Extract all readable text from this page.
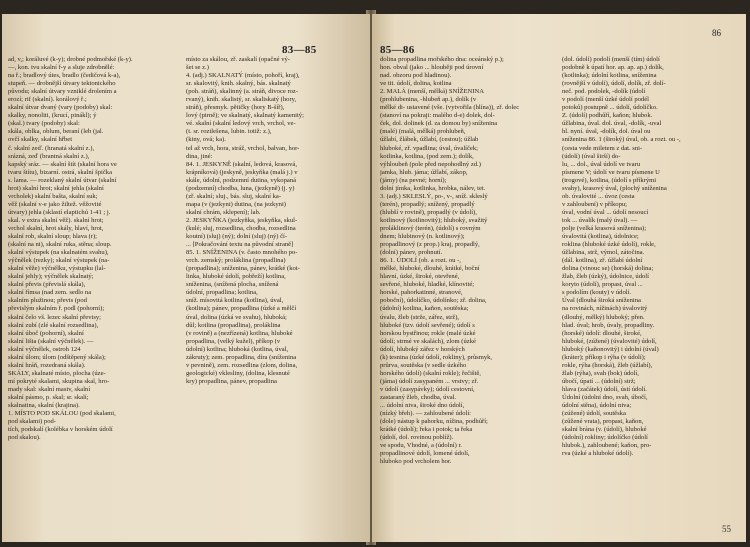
83—85

ad, v,; koráluvé (k-y); drobné podmořské (k-y).

—, kon. tvu skalní ř-y a sluje zdrobnělé:

na ř.; bradlový útes, bradlo (čedičová k-a),

stupeň. — drobnější útvary tektonického

původu; skalní útvary vzniklé drolením a

erozí; rif (skalní). korálový ř.;

skalní útvar dvaný (vary (podoby) skal:

skalky, nonoliti, (krucí, pinákl); ý

(skal.) tvary (podoby) skal:

skála, oblka, oblum, beraní (leb (jal.

ovčí skalky, skalní hřbet

č. skalní zeď. (hranatá skalní z.),

srázná, zeď (brantná skalní z.),

kapský sráz. — skalní štít (skalní hora ve

tvaru štítu), bizarní. ostrá, skalní špička

s. lama. — rozeklaný skalní útvar (skalní

hrot) skalní hrot; skalní jehla (skalní

vrcholek) skalní bašta, skalní suk;

věž (skalní v-e jako žiltež. věžovité

útvary) jehla (sklastí elaptichú 1-41 ; j.

skal. v extra skalní věž). skalní hrot;

vrchol skalní, hrot skály, hlaví, hrot,

skalní rob, skalní sloup; hlava (r);

(skalní na ni), skalní ruka, stěna; sloup.

skalní výstupek (na skalnatém svahu),

výčnělek (rezky); skalní výstupek (na-

skalní věže) výčnělku, výstupku (lal-

skalní jehly); výčnělek skalnatý;

skalní převis (převislá skála),

skalní římsa (nad zem. sedlo na

skalním plužinou; převis (pod

převislým skalním ř. podl (pohorní);

skalní čelo vš. lezec skalní převisy;

skalní zubí (zlé skalní rozsedlina),

skalní úboč (pohorní), skalní

skalní lišta (skalní výčnělek). —

skalní výčnělek, ostroh 124

skalní úlom; úlom (odštěpený skála);

skalní hráň, rozedraná skála).

SKÁLY, skalnaté místo, plocha (úze-

mí pokryté skalami, skupina skal, hro-

mady skal: skalní masiv, skalní

skalní pásmo, p. skal; sr. skalí;

skalnatina, skalní (krajina).

1. MÍSTO POD SKÁLOU (pod skalami,

pod skalami) pod-

tích, podskalí (kolébka v horském údolí

pod skalou).

místo za skálou, zř. zaskalí (opačné vý-

šet se z.)

4. (adj.) SKALNATÝ (místo, pohoří, kraj),

sr. skalovitý, knih. skalný, bás. skalnatý

(poh. stráň), skalinný (a. stráň, divoce roz-

rvaný), knih. skalistý, sr. skaliskatý (hory,

stráň), přesmyk. pětičky (hory B-šíř),

lový (pirně); ve skalnatý, skalnatý kamenitý;

vé. skalní (skalní ledový vrch, vrchol, ve-

(t. sr. roztlešena, lubin. totiž: z.),

(kiny, ová; ka).

tel až vrch, hora, stráž, vrchol, balvan, hor-

dina, jiné:

84. 1. JESKYNĚ (skalní, ledová, krasová,

krápníková) (jeskyně, jeskyňka (malá j.) v

skále, údolní, podzemní dutina, vykopaná

(podzemní) chodba, luna, (jezkyně) (j. y)

(zř. skalní; sluj., bás. sluj, skalní ka-

mapa (v (jezkyni) dutina, (na jezkyni)

skalní chrám, sklepení); lab.

2. JESKYŇKA (jezkyňka, jeskyňka, skul-

(kulé; sluj, rozsedlina, chodba, rozsedlina

koutní) (sluj) (ný); dolní (sluj) (ný) čí-

... [Pokračování textu na původní straně]

85. 1. SNÍŽENINA (v. často mnohého po-

vrch. zemský; proláklina (propadlina)

(propadlina); sníženina, pánev, krátké (kot-

linka, hluboké údolí, pobřeží) kotlina,

sníženina, (snížená plocha, snížená

údolní, propadlina; kotlina,

sníž. mísovitá kotlina (kotlina), úval,

(kotlina); pánev, propadlina (úzké a mělčí

úval, dolina (úzká ve svahu), hluboká;

důl; kotlina (propadlina), proláklina

(v rovině) a (nezřízená) kotlina, hluboké

propadlina, (velký kužel), příkop (v

údolní) kotlina; hluboká (kotlina, úval,

zákruty); zem. propadlina, díra (sníženina

v pevnině), zem. rozsedlina (zlom, dolina,

geologické) vklesliny, (dolina, klesnuté

kry) propadlina, pánev, propadlina

85—86
86

dolina propadlina mořského dna: oceánský p.);

hon. obval (jako ... hlouběji pod úrovní

nad. obzoru pod hladinou).

ve tit. údolí, dolina, kotlina

2. MALÁ (menší, mělká) SNÍŽENINA

(prohlubenina, -hlubeň ap.), dolík (v

mělké di- ustavené (vše. (vytvořila (hlína)), zř. dolec

(stanoví na pokraji: malého d-e) dolek, dol-

ček, dol. dolinek (d. za domou by) sníženina

(malé) (malá, mělká) prohlubeň,

úžlabí, žlábek, úžlabí, (cestou); úžlab

hluboké, zř. vpadlina; úval, úvalíček;

kotlinka, kotlina, (pod zem.); dolík,

výhloubeň (pole před nepohodlný zd.)

jamka, hlub. jáma; úžlabí, zákop,

(jámy) (na pevné; horní);

dolní jímka, kotlinka, hrobka, nálev, tet.

3. (adj.) SKLESLÝ, po-, v-, sníž. skleslý

(terén), propadlý; snížený, propadlý

(hlubší v rovině), propadlý (v údolí),

kotlinový (kotlinovitý); hluboký, svažitý

proláklinový (terén), (údolí) s rovným

dnem; hlubinový (n. kotlinový);

propadlinový (z prop.) kraj, propadlý,

(dolní) pánev, prohnutí.

86. 1. ÚDOLÍ (ob. a rozt. ou -,

mělké, hluboké, dlouhé, krátké, boční

hlavní, úzké, široké, otevřené,

sevřené, hluboké, hladké, klínovité;

horské, pahorkatinné, stranové,

poboční), údolíčko, údolínko; zř. dolina,

(údolní) kotlina, kaňon, soutěska;

úvalu, žleb (strže, zářez, strž),

hluboké (tzv. údolí sevřené); údolí s

horskou bystřinou; rokle (malé úzké

údolí; strmé ve skalách), zlom (úzké

údolí, hluboký zářez v horských

(k) tesnina (úzké údolí, rokliny), průsmyk,

průrva, soutěska (v sedle úzkého

horského údolí) (skalní rokle); řečiště,

(jáma) údolí zasypaném ... vrstvy; zř.

v údolí (zasypávky); údolí cestovní,

zastaraný žleb, chodba, úval.

... údolní niva, široké dno údolí,

(nízký břeh). — zahloubené údolí:

(dole) nástup k pahorku, nížina, podhůří;

krátké (údolí); řeka i potok; ta řeka

(údolí, dol. rovinou poblíž).

ve spodu, Vhodné, a (údolní) r.

propadlinové údolí, lomené údolí,

hluboko pod vrcholem hor.

(dol. údolí) podolí (menší (tím) údolí

podobně k úpatí hor. ap. ap. ap.) dolík,

(kotlinka); údolní kotlina, sníženina

(rovnější v údolí), údolí, dolík, zř. dolí-

neč. pod. podolek, -dolík (údolí

v podolí (menší úzké údolí podél

potoků) postupně ... údolí, údolíčko.

Z. (údolí) podhůří, kaňon; hlubok.

úžlabina, úval. dol. úval, -dolík, -uval

hl. nyní. úval, -dolík, dol. úval ou

sníženina 86. 1 (široký) úval, ob. a rozt. ou -,

(cesta vede miletem z dat. sni-

(údolí) (úval širší) do-

lu, ... dol., úval údolí ve tvaru

písmene V; údolí ve tvaru písmene U

(trogové), kotlina, (údolí s příkrými

svahy), krasový úval, (plochý sníženina

ob. úvalovité ... úvoz (cesta

v zahloubení) v příkopu;

úval, vodní úval ... údolí nesoucí

tok ... úvalík (malý úval). —

polje (velká krasová sníženina);

úvalovitá (kotlina), údolnice;

roklina (hluboké úzké údolí), rokle,

úžlabina, strž, výmol, zátočina.

(dál. kotlina), zř. úžlabí údolní

dolina (vinouc se) (horská) dolina;

žlab, žleb (úzký), údolnice, údolí

koryto (údolí), propast, úval ...

s podolím (kouty) v údolí.

Úval (dlouhá široká sníženina

na rovinách, nížinách) úvalovitý

(dlouhý, mělký) hluboký; přen.

hlad. úval; hrob, úvaly, propadliny.

(horské) údolí: dlouhé, široké,

hluboké, (zúžené) (úvalovité) údolí,

hluboký (kaňonovitý) i údolní (úval)

(kráter); příkop i rýha (v údolí);

rokle, rýha (horská), žleb (úžlabí),

žlab (rýha), svah (bok) údolí,

úbočí, úpatí ... (údolní) strž;

hlava (začátek) údolí, ústí údolí.

Údolní (údolní dno, svah, úbočí,

údolní stěna), údolní niva;

(zúžené) údolí, soutěska

(zůžené vrata), propast, kaňon,

skalní brána (v. (údolí), hluboké

(údolní) rokliny; údolíčko (údolí

hlubok.), zahloubené; kaňon, pro-

rva (úzké a hluboké údolí).

55
